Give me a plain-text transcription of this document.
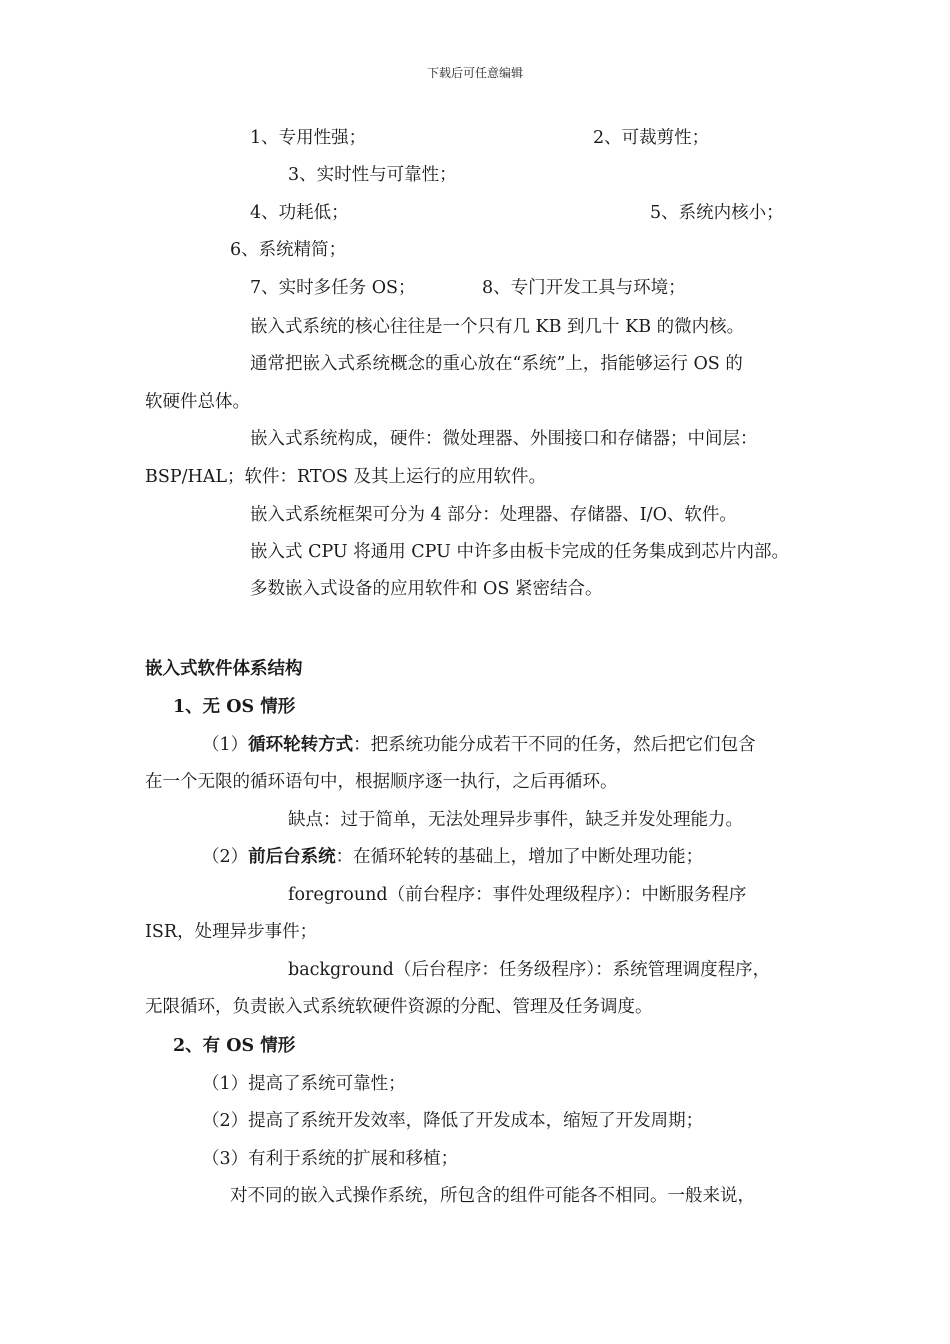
下载后可任意编辑
1、专用性强；	2、可裁剪性；
3、实时性与可靠性；
4、功耗低；	5、系统内核小；
6、系统精简；
7、实时多任务 OS；	8、专门开发工具与环境；
嵌入式系统的核心往往是一个只有几 KB 到几十 KB 的微内核。
通常把嵌入式系统概念的重心放在“系统”上，指能够运行 OS 的
软硬件总体。
嵌入式系统构成，硬件：微处理器、外围接口和存储器；中间层：
BSP/HAL；软件：RTOS 及其上运行的应用软件。
嵌入式系统框架可分为 4 部分：处理器、存储器、I/O、软件。
嵌入式 CPU 将通用 CPU 中许多由板卡完成的任务集成到芯片内部。
多数嵌入式设备的应用软件和 OS 紧密结合。
嵌入式软件体系结构
1、无 OS 情形
（1）循环轮转方式：把系统功能分成若干不同的任务，然后把它们包含
在一个无限的循环语句中，根据顺序逐一执行，之后再循环。
缺点：过于简单，无法处理异步事件，缺乏并发处理能力。
（2）前后台系统：在循环轮转的基础上，增加了中断处理功能；
foreground（前台程序：事件处理级程序）：中断服务程序
ISR，处理异步事件；
background（后台程序：任务级程序）：系统管理调度程序，
无限循环，负责嵌入式系统软硬件资源的分配、管理及任务调度。
2、有 OS 情形
（1）提高了系统可靠性；
（2）提高了系统开发效率，降低了开发成本，缩短了开发周期；
（3）有利于系统的扩展和移植；
对不同的嵌入式操作系统，所包含的组件可能各不相同。一般来说，
